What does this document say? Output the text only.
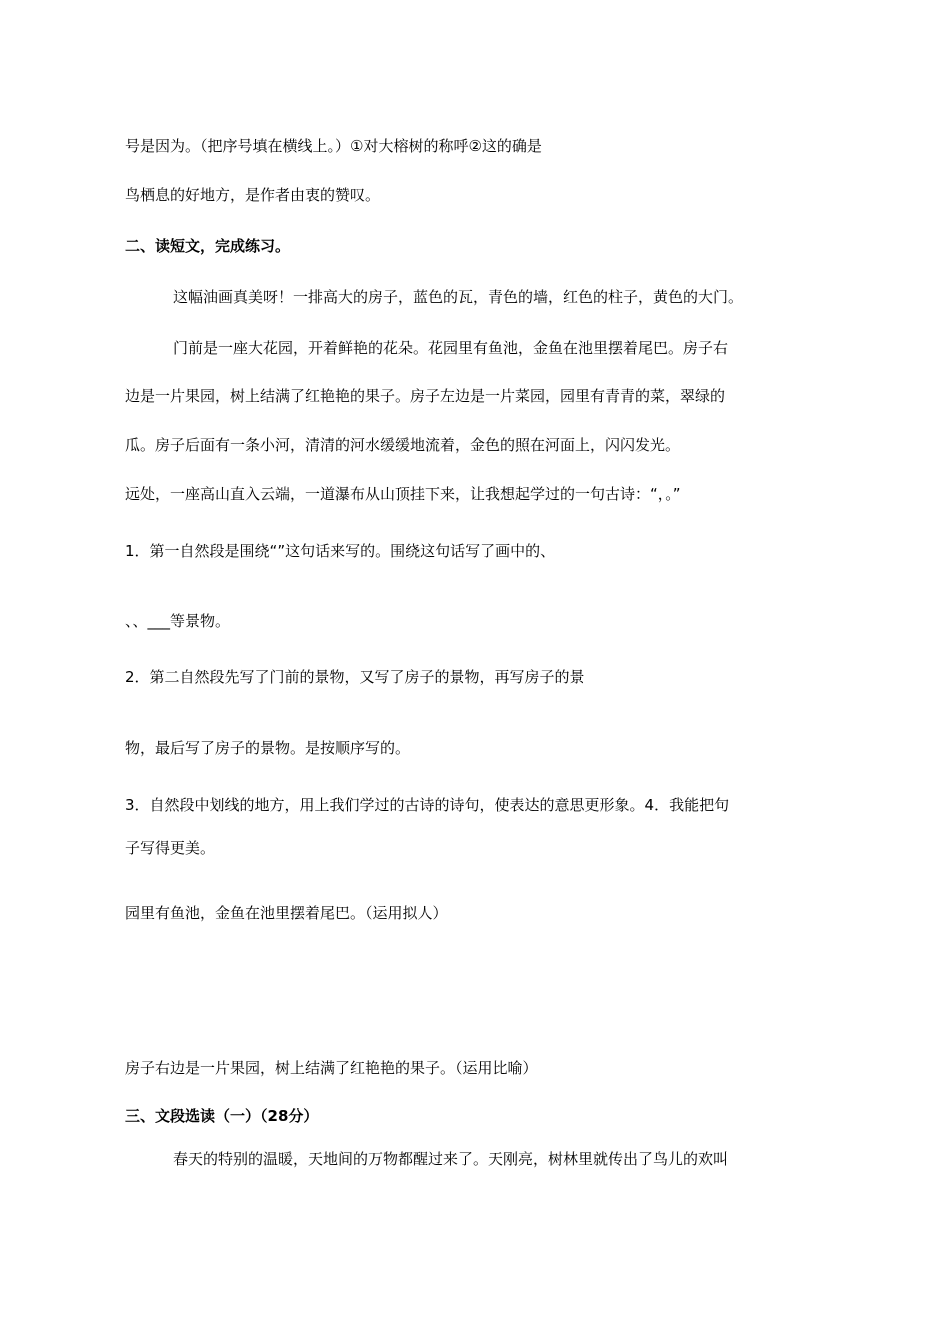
号是因为。（把序号填在横线上。）①对大榕树的称呼②这的确是
鸟栖息的好地方，是作者由衷的赞叹。
二、读短文，完成练习。
这幅油画真美呀！一排高大的房子，蓝色的瓦，青色的墙，红色的柱子，黄色的大门。
门前是一座大花园，开着鲜艳的花朵。花园里有鱼池，金鱼在池里摆着尾巴。房子右
边是一片果园，树上结满了红艳艳的果子。房子左边是一片菜园，园里有青青的菜，翠绿的
瓜。房子后面有一条小河，清清的河水缓缓地流着，金色的照在河面上，闪闪发光。
远处，一座高山直入云端，一道瀑布从山顶挂下来，让我想起学过的一句古诗：“，。”
1．第一自然段是围绕“”这句话来写的。围绕这句话写了画中的、
、、___等景物。
2．第二自然段先写了门前的景物，又写了房子的景物，再写房子的景
物，最后写了房子的景物。是按顺序写的。
3．自然段中划线的地方，用上我们学过的古诗的诗句，使表达的意思更形象。4．我能把句
子写得更美。
园里有鱼池，金鱼在池里摆着尾巴。（运用拟人）
房子右边是一片果园，树上结满了红艳艳的果子。（运用比喻）
三、文段选读（一）（28分）
春天的特别的温暖，天地间的万物都醒过来了。天刚亮，树林里就传出了鸟儿的欢叫
